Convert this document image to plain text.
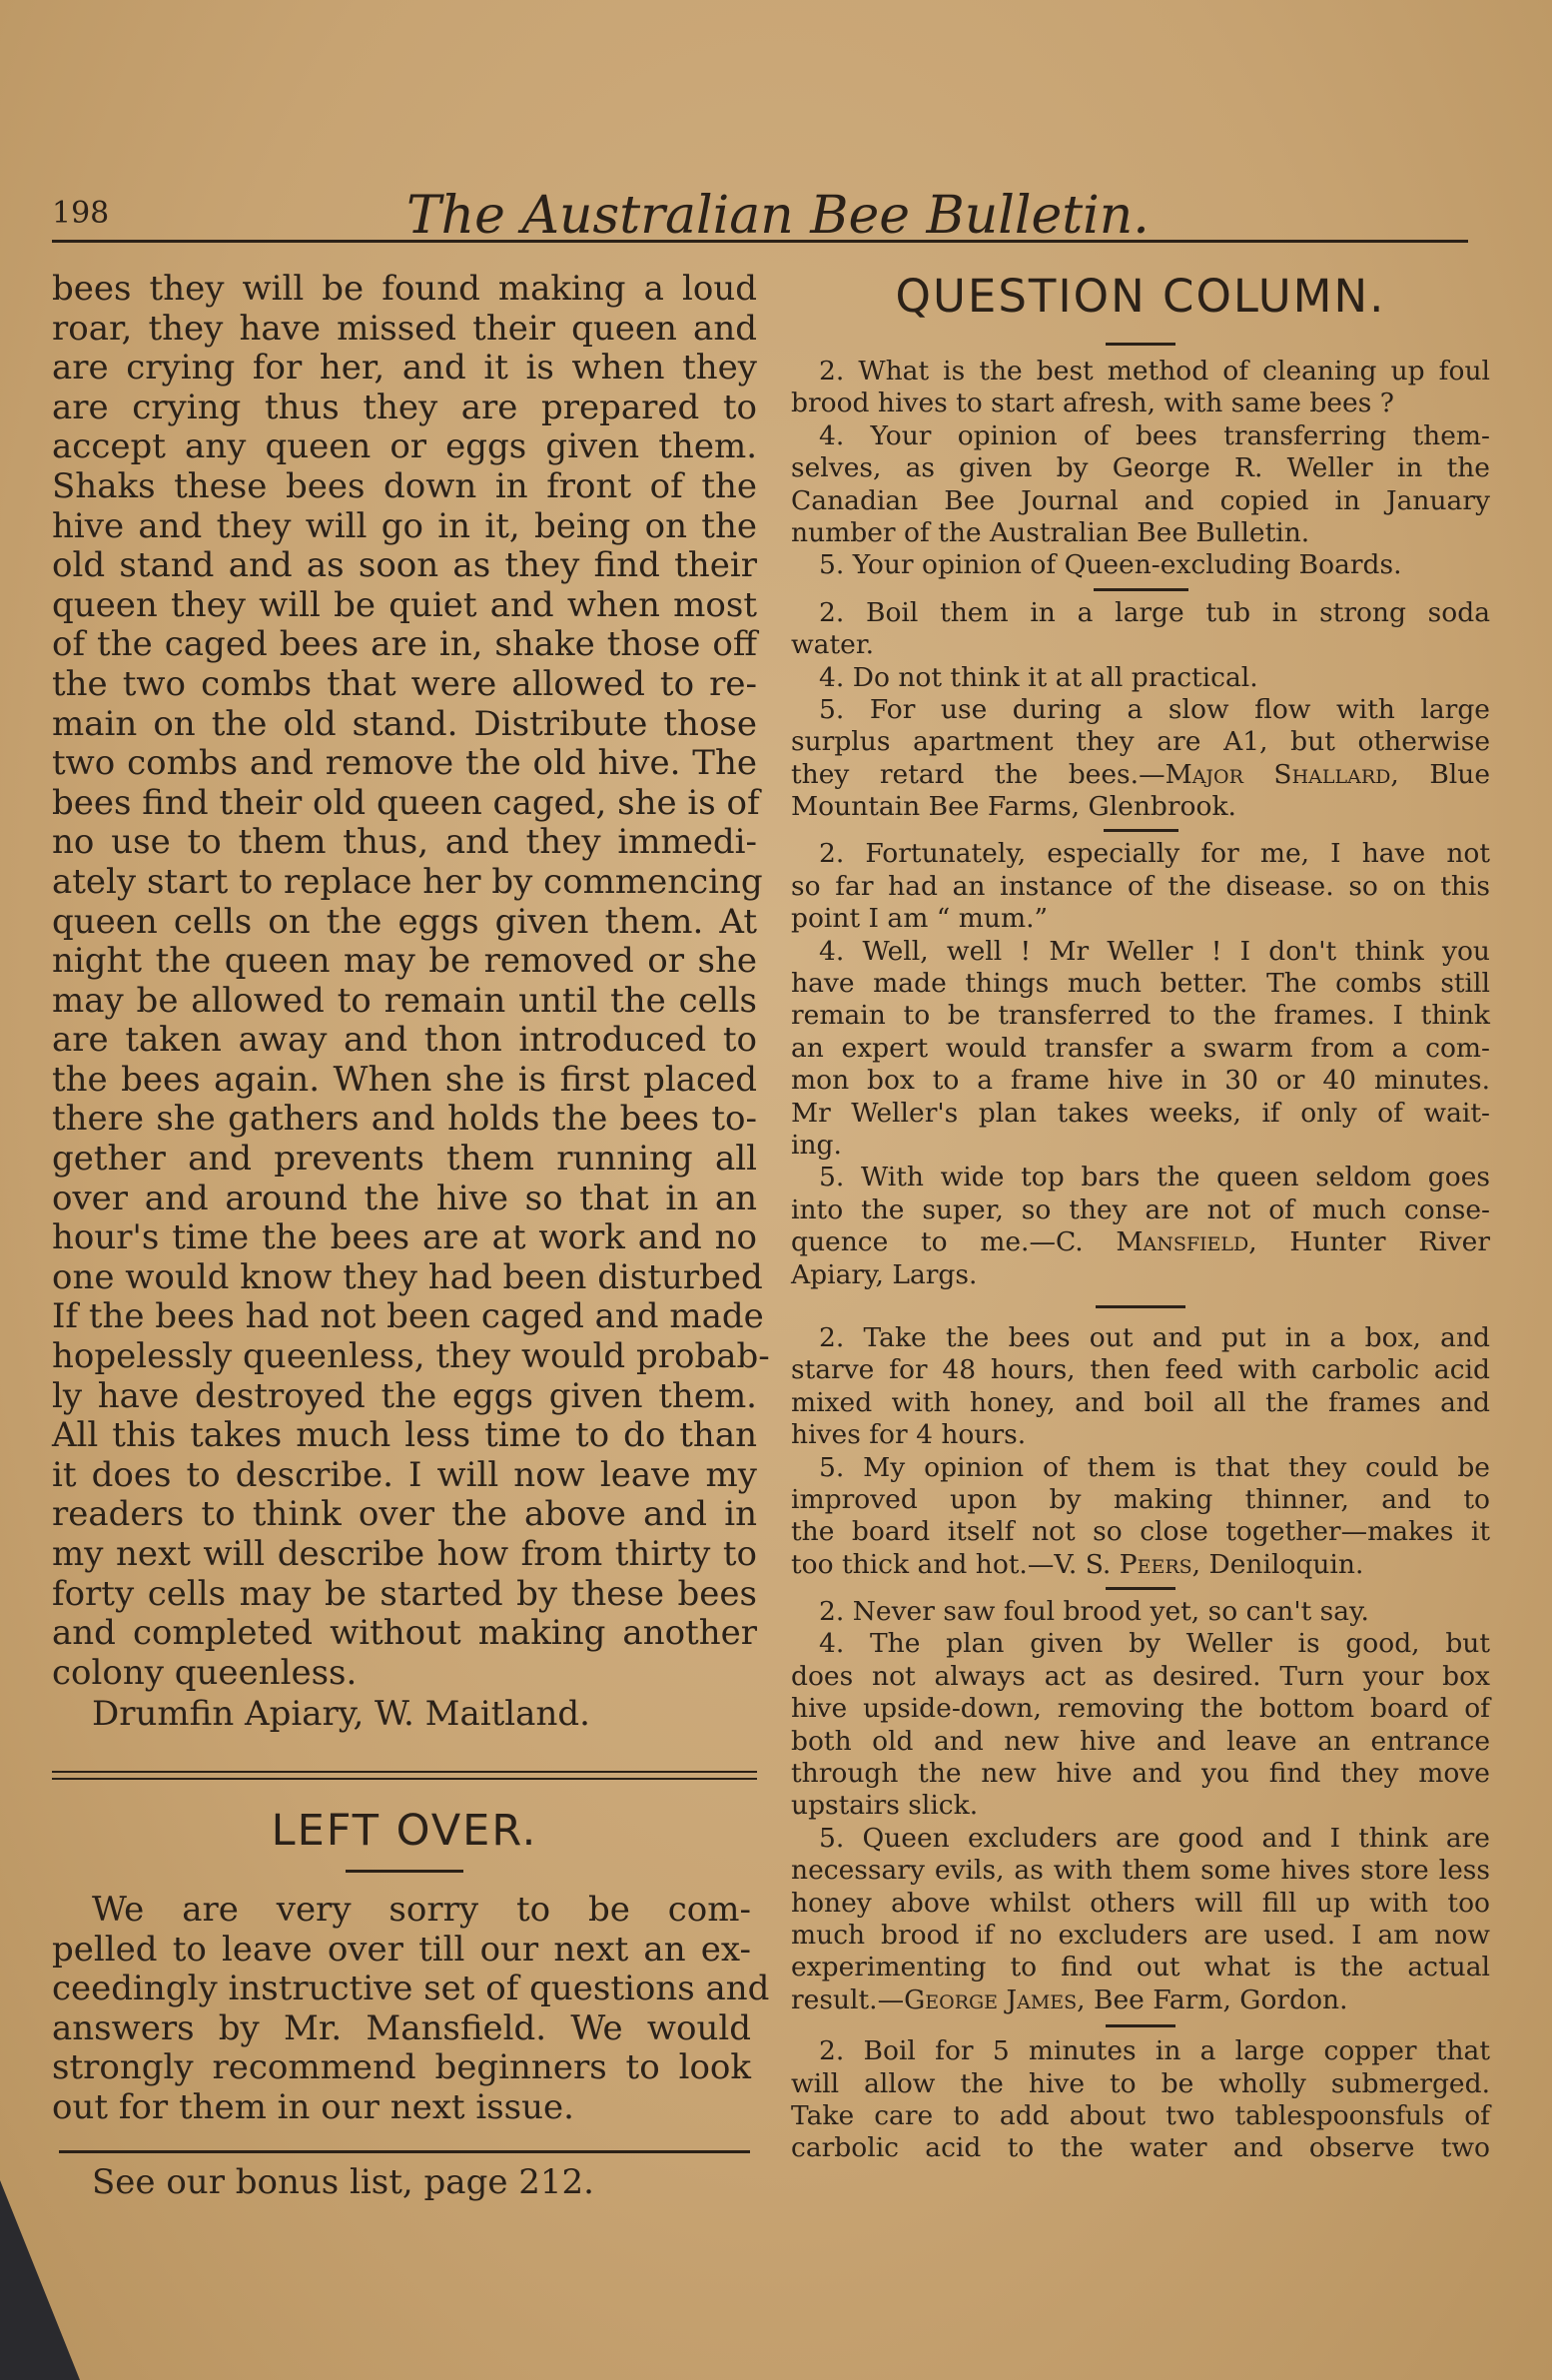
198	The Australian Bee Bulletin.
bees they will be found making a loud
roar, they have missed their queen and
are crying for her, and it is when they
are crying thus they are prepared to
accept any queen or eggs given them.
Shaks these bees down in front of the
hive and they will go in it, being on the
old stand and as soon as they find their
queen they will be quiet and when most
of the caged bees are in, shake those off
the two combs that were allowed to re-
main on the old stand. Distribute those
two combs and remove the old hive. The
bees find their old queen caged, she is of
no use to them thus, and they immedi-
ately start to replace her by commencing
queen cells on the eggs given them. At
night the queen may be removed or she
may be allowed to remain until the cells
are taken away and thon introduced to
the bees again. When she is first placed
there she gathers and holds the bees to-
gether and prevents them running all
over and around the hive so that in an
hour's time the bees are at work and no
one would know they had been disturbed
If the bees had not been caged and made
hopelessly queenless, they would probab-
ly have destroyed the eggs given them.
All this takes much less time to do than
it does to describe. I will now leave my
readers to think over the above and in
my next will describe how from thirty to
forty cells may be started by these bees
and completed without making another
colony queenless.
Drumfin Apiary, W. Maitland.
LEFT OVER.
We are very sorry to be com-
pelled to leave over till our next an ex-
ceedingly instructive set of questions and
answers by Mr. Mansfield. We would
strongly recommend beginners to look
out for them in our next issue.
See our bonus list, page 212.
QUESTION COLUMN.
2. What is the best method of cleaning up foul
brood hives to start afresh, with same bees ?
4. Your opinion of bees transferring them-
selves, as given by George R. Weller in the
Canadian Bee Journal and copied in January
number of the Australian Bee Bulletin.
5. Your opinion of Queen-excluding Boards.
2. Boil them in a large tub in strong soda
water.
4. Do not think it at all practical.
5. For use during a slow flow with large
surplus apartment they are A1, but otherwise
they retard the bees.—Major Shallard, Blue
Mountain Bee Farms, Glenbrook.
2. Fortunately, especially for me, I have not
so far had an instance of the disease. so on this
point I am “ mum.”
4. Well, well ! Mr Weller ! I don't think you
have made things much better. The combs still
remain to be transferred to the frames. I think
an expert would transfer a swarm from a com-
mon box to a frame hive in 30 or 40 minutes.
Mr Weller's plan takes weeks, if only of wait-
ing.
5. With wide top bars the queen seldom goes
into the super, so they are not of much conse-
quence to me.—C. Mansfield, Hunter River
Apiary, Largs.
2. Take the bees out and put in a box, and
starve for 48 hours, then feed with carbolic acid
mixed with honey, and boil all the frames and
hives for 4 hours.
5. My opinion of them is that they could be
improved upon by making thinner, and to
the board itself not so close together—makes it
too thick and hot.—V. S. Peers, Deniloquin.
2. Never saw foul brood yet, so can't say.
4. The plan given by Weller is good, but
does not always act as desired. Turn your box
hive upside-down, removing the bottom board of
both old and new hive and leave an entrance
through the new hive and you find they move
upstairs slick.
5. Queen excluders are good and I think are
necessary evils, as with them some hives store less
honey above whilst others will fill up with too
much brood if no excluders are used. I am now
experimenting to find out what is the actual
result.—George James, Bee Farm, Gordon.
2. Boil for 5 minutes in a large copper that
will allow the hive to be wholly submerged.
Take care to add about two tablespoonsfuls of
carbolic acid to the water and observe two
